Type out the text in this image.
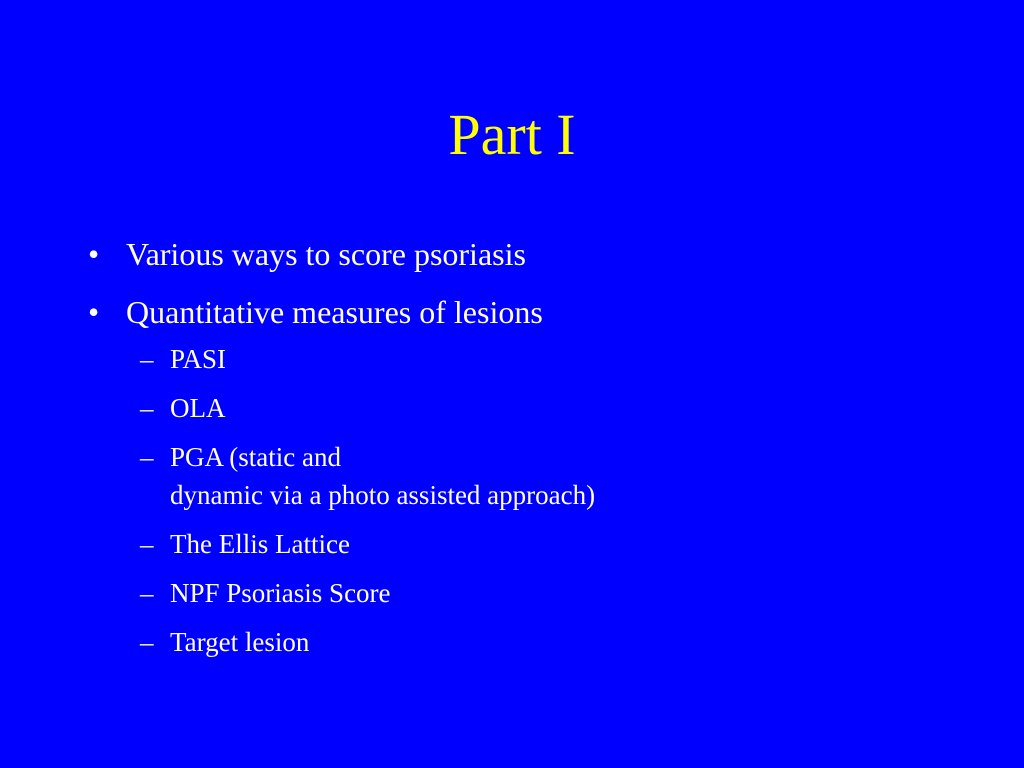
Part I
• Various ways to score psoriasis
• Quantitative measures of lesions
– PASI
– OLA
– PGA (static and
dynamic via a photo assisted approach)
– The Ellis Lattice
– NPF Psoriasis Score
– Target lesion
